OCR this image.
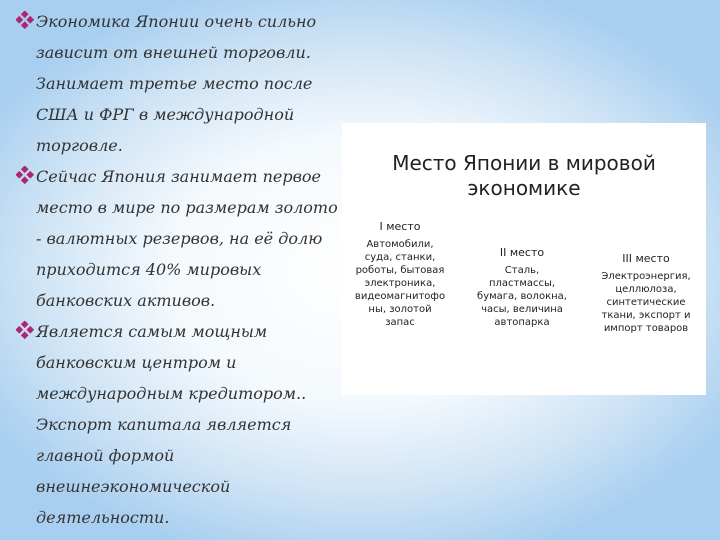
Экономика Японии очень сильно зависит от внешней торговли. Занимает третье место после США и ФРГ в международной торговле.
Сейчас Япония занимает первое место в мире по размерам золото - валютных резервов, на её долю приходится 40% мировых банковских активов.
Является самым мощным банковским центром и международным кредитором.. Экспорт капитала является главной формой внешнеэкономической деятельности.
Место Японии в мировой экономике
I место
Автомобили,
суда, станки,
роботы, бытовая
электроника,
видеомагнитофо
ны, золотой
запас
II место
Сталь,
пластмассы,
бумага, волокна,
часы, величина
автопарка
III место
Электроэнергия,
целлюлоза,
синтетические
ткани, экспорт и
импорт товаров
